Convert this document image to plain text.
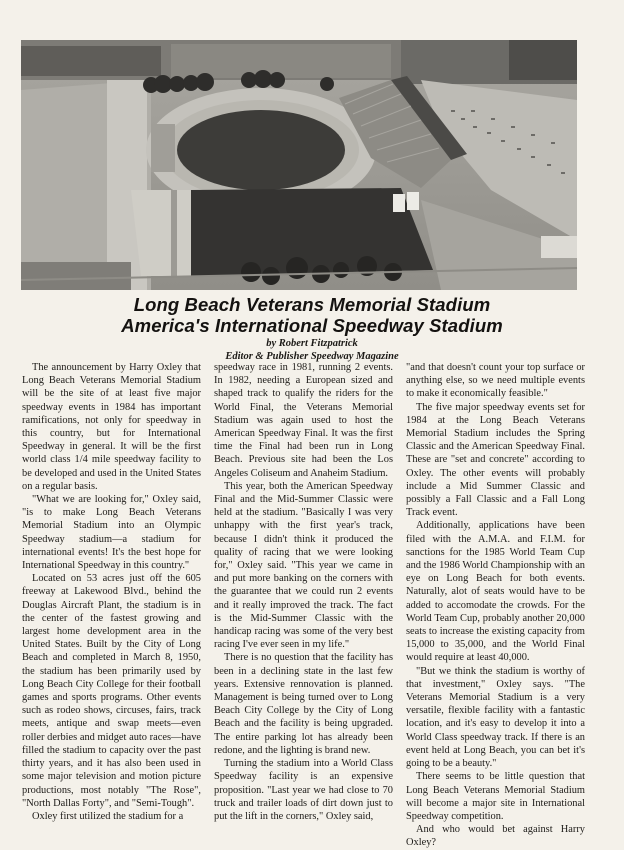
Long Beach Veterans Memorial Stadium
America's International Speedway Stadium
by Robert Fitzpatrick
Editor & Publisher Speedway Magazine

The announcement by Harry Oxley that Long Beach Veterans Memorial Stadium will be the site of at least five major speedway events in 1984 has important ramifications, not only for speedway in this country, but for International Speedway in general. It will be the first world class 1/4 mile speedway facility to be developed and used in the United States on a regular basis.

"What we are looking for," Oxley said, "is to make Long Beach Veterans Memorial Stadium into an Olympic Speedway stadium—a stadium for international events! It's the best hope for International Speedway in this country."

Located on 53 acres just off the 605 freeway at Lakewood Blvd., behind the Douglas Aircraft Plant, the stadium is in the center of the fastest growing and largest home development area in the United States. Built by the City of Long Beach and completed in March 8, 1950, the stadium has been primarily used by Long Beach City College for their football games and sports programs. Other events such as rodeo shows, circuses, fairs, track meets, antique and swap meets—even roller derbies and midget auto races—have filled the stadium to capacity over the past thirty years, and it has also been used in some major television and motion picture productions, most notably "The Rose", "North Dallas Forty", and "Semi-Tough".

Oxley first utilized the stadium for a

speedway race in 1981, running 2 events. In 1982, needing a European sized and shaped track to qualify the riders for the World Final, the Veterans Memorial Stadium was again used to host the American Speedway Final. It was the first time the Final had been run in Long Beach. Previous site had been the Los Angeles Coliseum and Anaheim Stadium.

This year, both the American Speedway Final and the Mid-Summer Classic were held at the stadium. "Basically I was very unhappy with the first year's track, because I didn't think it produced the quality of racing that we were looking for," Oxley said. "This year we came in and put more banking on the corners with the guarantee that we could run 2 events and it really improved the track. The fact is the Mid-Summer Classic with the handicap racing was some of the very best racing I've ever seen in my life."

There is no question that the facility has been in a declining state in the last few years. Extensive rennovation is planned. Management is being turned over to Long Beach City College by the City of Long Beach and the facility is being upgraded. The entire parking lot has already been redone, and the lighting is brand new.

Turning the stadium into a World Class Speedway facility is an expensive proposition. "Last year we had close to 70 truck and trailer loads of dirt down just to put the lift in the corners," Oxley said,

"and that doesn't count your top surface or anything else, so we need multiple events to make it economically feasible."

The five major speedway events set for 1984 at the Long Beach Veterans Memorial Stadium includes the Spring Classic and the American Speedway Final. These are "set and concrete" according to Oxley. The other events will probably include a Mid Summer Classic and possibly a Fall Classic and a Fall Long Track event.

Additionally, applications have been filed with the A.M.A. and F.I.M. for sanctions for the 1985 World Team Cup and the 1986 World Championship with an eye on Long Beach for both events. Naturally, alot of seats would have to be added to accomodate the crowds. For the World Team Cup, probably another 20,000 seats to increase the existing capacity from 15,000 to 35,000, and the World Final would require at least 40,000.

"But we think the stadium is worthy of that investment," Oxley says. "The Veterans Memorial Stadium is a very versatile, flexible facility with a fantastic location, and it's easy to develop it into a World Class speedway track. If there is an event held at Long Beach, you can bet it's going to be a beauty."

There seems to be little question that Long Beach Veterans Memorial Stadium will become a major site in International Speedway competition.

And who would bet against Harry Oxley?
